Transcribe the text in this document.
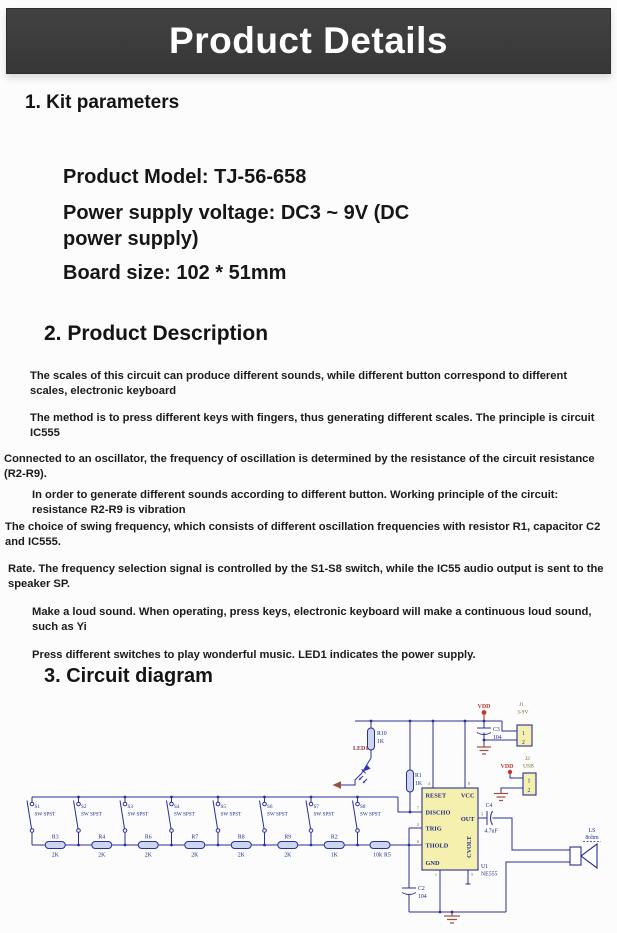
Product Details
1. Kit parameters
Product Model: TJ-56-658
Power supply voltage: DC3 ~ 9V (DC
power supply)
Board size: 102 * 51mm
2. Product Description

The scales of this circuit can produce different sounds, while different button correspond to different
scales, electronic keyboard

The method is to press different keys with fingers, thus generating different scales. The principle is circuit IC555

Connected to an oscillator, the frequency of oscillation is determined by the resistance of the circuit resistance (R2-R9).

In order to generate different sounds according to different button. Working principle of the circuit:
resistance R2-R9 is vibration

The choice of swing frequency, which consists of different oscillation frequencies with resistor R1, capacitor C2 and IC555.

Rate. The frequency selection signal is controlled by the S1-S8 switch, while the IC55 audio output is sent to the speaker SP.

Make a loud sound. When operating, press keys, electronic keyboard will make a continuous loud sound, such as Yi

Press different switches to play wonderful music. LED1 indicates the power supply.

3. Circuit diagram
S1
SW SPST
S2
SW SPST
S3
SW SPST
S4
SW SPST
S5
SW SPST
S6
SW SPST
S7
SW SPST
S8
SW SPST
R3
2K
R4
2K
R6
2K
R7
2K
R8
2K
R9
2K
R2
1K	10k R5
R10
1K
R1
1K
LED1
RESET VCC
DISCHO
TRIG
THOLD
GND
OUT
CVOLT
4	8
7
2
6
3
1	5
U1
NE555
C3
104
C2
104
C4
4.7uF
J1
3-9V
1
2
J2
USB
1
2
VDD
VDD
LS
8ohm
